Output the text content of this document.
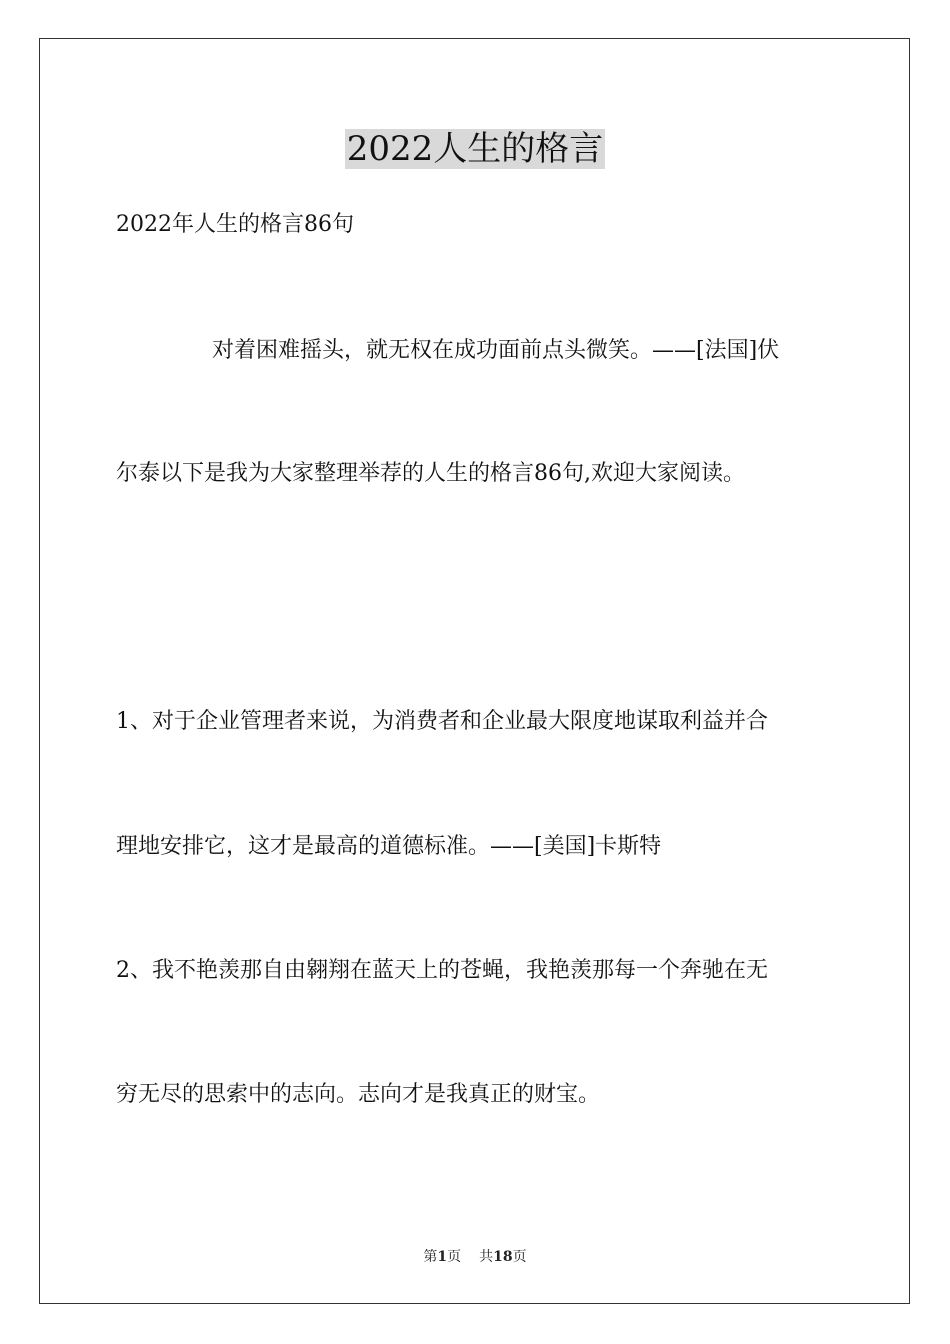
2022人生的格言

2022年人生的格言86句

对着困难摇头，就无权在成功面前点头微笑。——[法国]伏

尔泰以下是我为大家整理举荐的人生的格言86句,欢迎大家阅读。

1、对于企业管理者来说，为消费者和企业最大限度地谋取利益并合

理地安排它，这才是最高的道德标准。——[美国]卡斯特

2、我不艳羡那自由翱翔在蓝天上的苍蝇，我艳羡那每一个奔驰在无

穷无尽的思索中的志向。志向才是我真正的财宝。

第1页 共18页
